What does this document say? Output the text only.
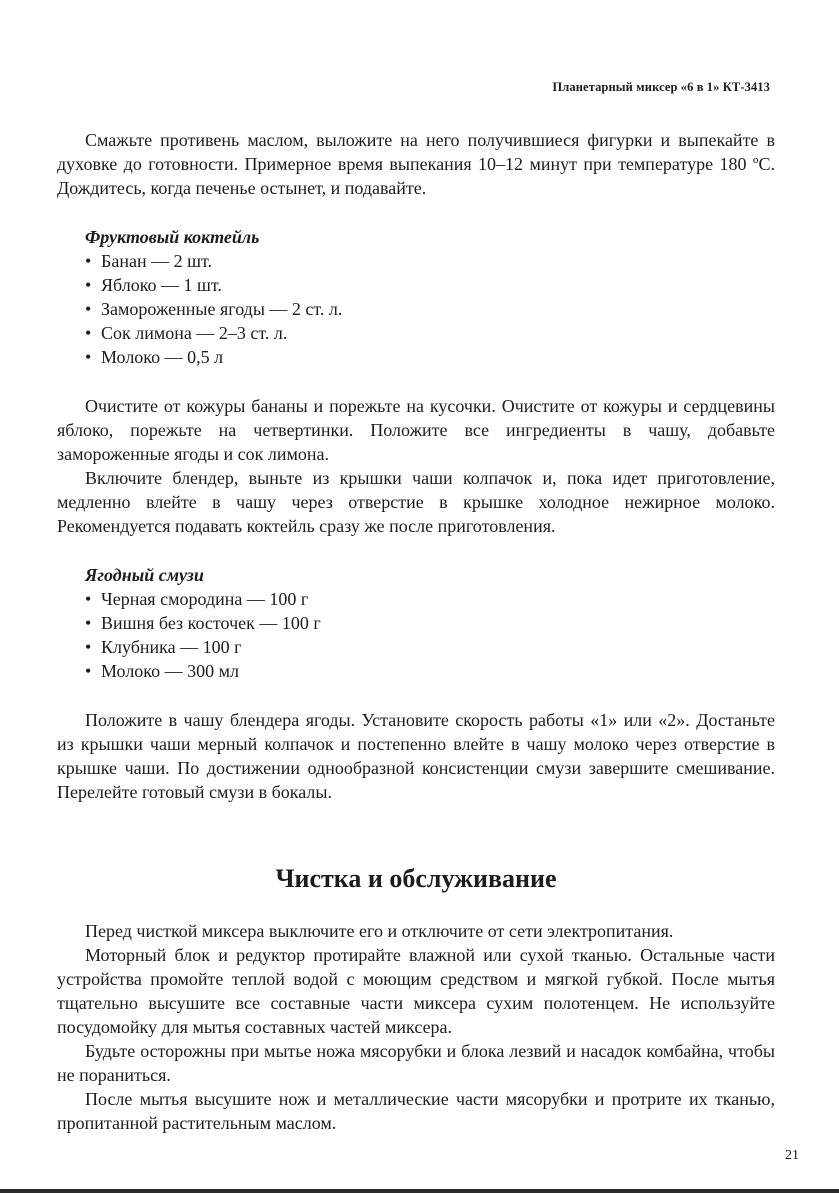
Планетарный миксер «6 в 1» КТ-3413

Смажьте противень маслом, выложите на него получившиеся фигурки и выпекайте в духовке до готовности. Примерное время выпекания 10–12 минут при температуре 180 ºС. Дождитесь, когда печенье остынет, и подавайте.

Фруктовый коктейль

• Банан — 2 шт.
• Яблоко — 1 шт.
• Замороженные ягоды — 2 ст. л.
• Сок лимона — 2–3 ст. л.
• Молоко — 0,5 л

Очистите от кожуры бананы и порежьте на кусочки. Очистите от кожуры и сердцевины яблоко, порежьте на четвертинки. Положите все ингредиенты в чашу, добавьте замороженные ягоды и сок лимона.

Включите блендер, выньте из крышки чаши колпачок и, пока идет приготовление, медленно влейте в чашу через отверстие в крышке холодное нежирное молоко. Рекомендуется подавать коктейль сразу же после приготовления.

Ягодный смузи

• Черная смородина — 100 г
• Вишня без косточек — 100 г
• Клубника — 100 г
• Молоко — 300 мл

Положите в чашу блендера ягоды. Установите скорость работы «1» или «2». Достаньте из крышки чаши мерный колпачок и постепенно влейте в чашу молоко через отверстие в крышке чаши. По достижении однообразной консистенции смузи завершите смешивание. Перелейте готовый смузи в бокалы.

Чистка и обслуживание

Перед чисткой миксера выключите его и отключите от сети электропитания.

Моторный блок и редуктор протирайте влажной или сухой тканью. Остальные части устройства промойте теплой водой с моющим средством и мягкой губкой. После мытья тщательно высушите все составные части миксера сухим полотенцем. Не используйте посудомойку для мытья составных частей миксера.

Будьте осторожны при мытье ножа мясорубки и блока лезвий и насадок комбайна, чтобы не пораниться.

После мытья высушите нож и металлические части мясорубки и протрите их тканью, пропитанной растительным маслом.

21
